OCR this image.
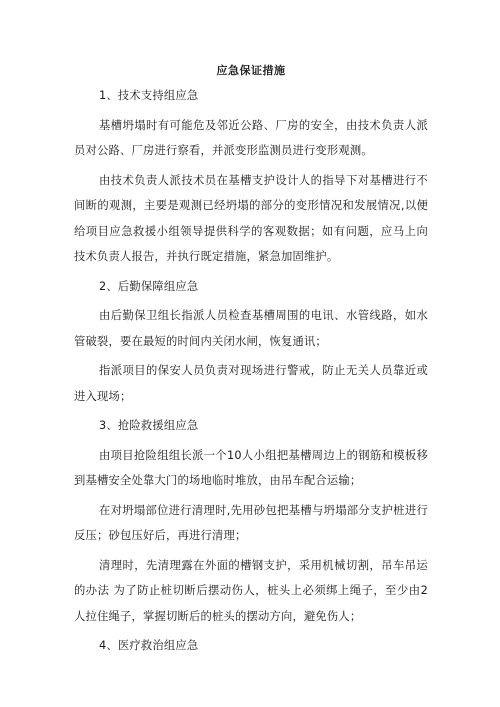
应急保证措施

1、技术支持组应急

基槽坍塌时有可能危及邻近公路、厂房的安全，由技术负责人派员对公路、厂房进行察看，并派变形监测员进行变形观测。

由技术负责人派技术员在基槽支护设计人的指导下对基槽进行不间断的观测，主要是观测已经坍塌的部分的变形情况和发展情况,以便给项目应急救援小组领导提供科学的客观数据；如有问题，应马上向技术负责人报告，并执行既定措施，紧急加固维护。

2、后勤保障组应急

由后勤保卫组长指派人员检查基槽周围的电讯、水管线路，如水管破裂，要在最短的时间内关闭水闸，恢复通讯；

指派项目的保安人员负责对现场进行警戒，防止无关人员靠近或进入现场；

3、抢险救援组应急

由项目抢险组组长派一个10人小组把基槽周边上的钢筋和模板移到基槽安全处靠大门的场地临时堆放，由吊车配合运输；

在对坍塌部位进行清理时,先用砂包把基槽与坍塌部分支护桩进行反压；砂包压好后，再进行清理；

清理时，先清理露在外面的槽钢支护，采用机械切割，吊车吊运的办法 为了防止桩切断后摆动伤人，桩头上必须绑上绳子，至少由2人拉住绳子，掌握切断后的桩头的摆动方向，避免伤人；

4、医疗救治组应急
